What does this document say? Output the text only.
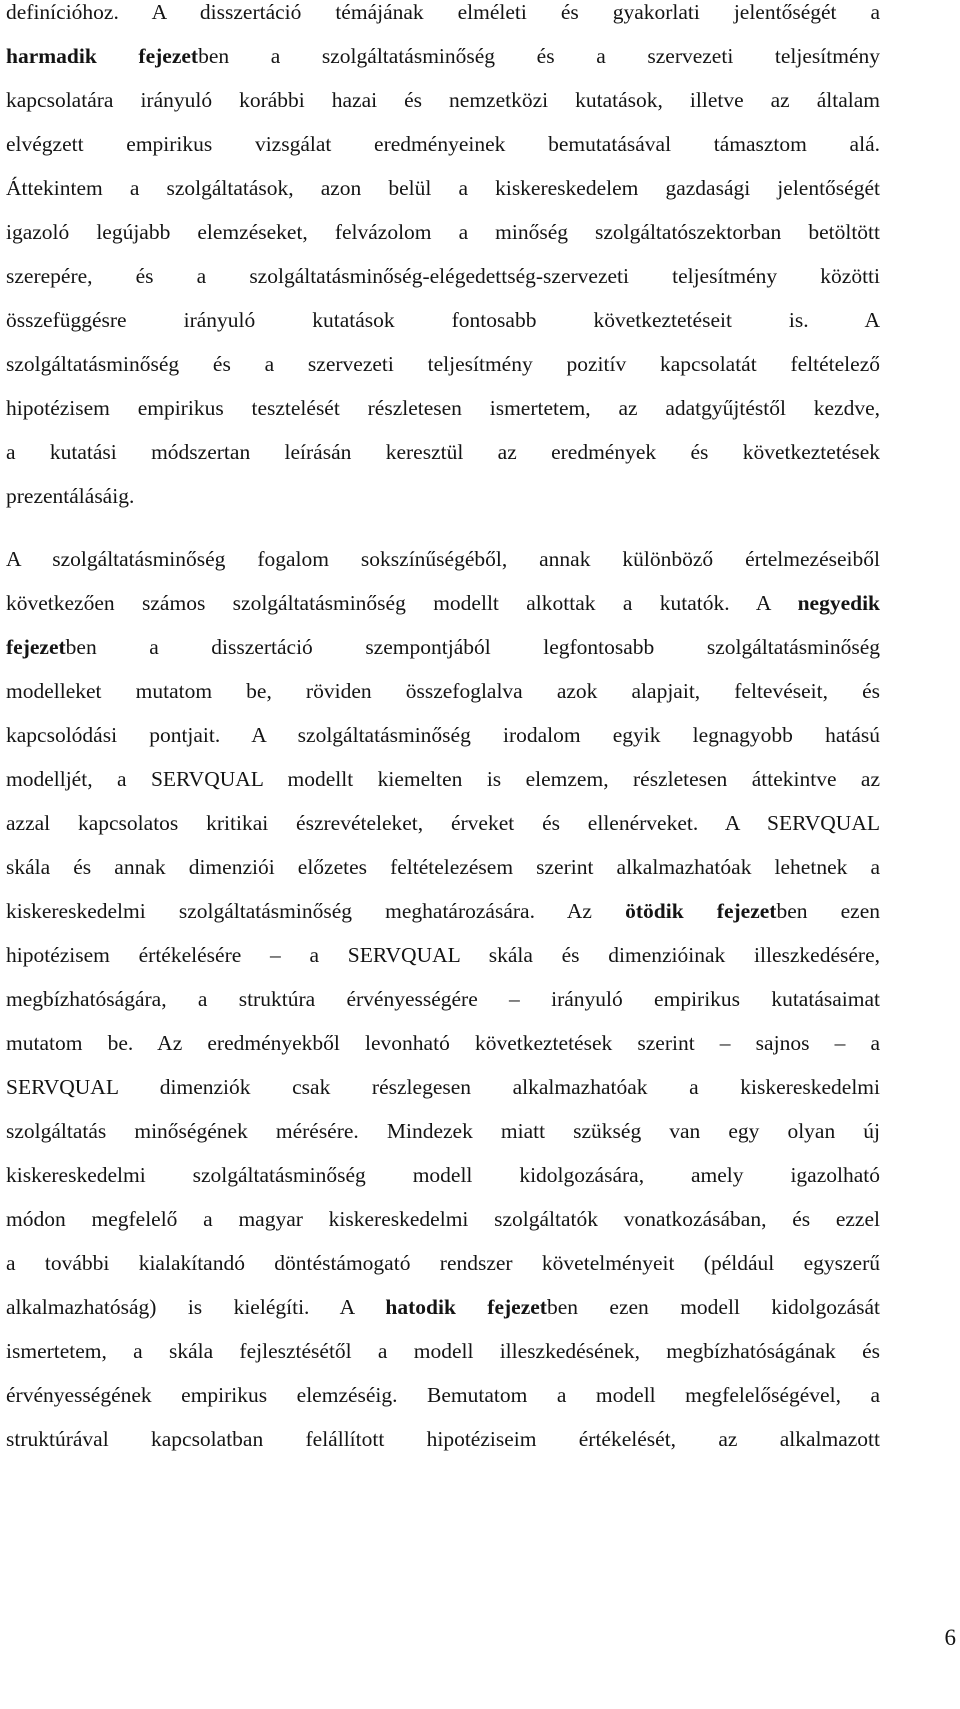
definícióhoz. A disszertáció témájának elméleti és gyakorlati jelentőségét a
harmadik fejezetben a szolgáltatásminőség és a szervezeti teljesítmény
kapcsolatára irányuló korábbi hazai és nemzetközi kutatások, illetve az általam
elvégzett empirikus vizsgálat eredményeinek bemutatásával támasztom alá.
Áttekintem a szolgáltatások, azon belül a kiskereskedelem gazdasági jelentőségét
igazoló legújabb elemzéseket, felvázolom a minőség szolgáltatószektorban betöltött
szerepére, és a szolgáltatásminőség-elégedettség-szervezeti teljesítmény közötti
összefüggésre irányuló kutatások fontosabb következtetéseit is. A
szolgáltatásminőség és a szervezeti teljesítmény pozitív kapcsolatát feltételező
hipotézisem empirikus tesztelését részletesen ismertetem, az adatgyűjtéstől kezdve,
a kutatási módszertan leírásán keresztül az eredmények és következtetések
prezentálásáig.
A szolgáltatásminőség fogalom sokszínűségéből, annak különböző értelmezéseiből
következően számos szolgáltatásminőség modellt alkottak a kutatók. A negyedik
fejezetben a disszertáció szempontjából legfontosabb szolgáltatásminőség
modelleket mutatom be, röviden összefoglalva azok alapjait, feltevéseit, és
kapcsolódási pontjait. A szolgáltatásminőség irodalom egyik legnagyobb hatású
modelljét, a SERVQUAL modellt kiemelten is elemzem, részletesen áttekintve az
azzal kapcsolatos kritikai észrevételeket, érveket és ellenérveket. A SERVQUAL
skála és annak dimenziói előzetes feltételezésem szerint alkalmazhatóak lehetnek a
kiskereskedelmi szolgáltatásminőség meghatározására. Az ötödik fejezetben ezen
hipotézisem értékelésére – a SERVQUAL skála és dimenzióinak illeszkedésére,
megbízhatóságára, a struktúra érvényességére – irányuló empirikus kutatásaimat
mutatom be. Az eredményekből levonható következtetések szerint – sajnos – a
SERVQUAL dimenziók csak részlegesen alkalmazhatóak a kiskereskedelmi
szolgáltatás minőségének mérésére. Mindezek miatt szükség van egy olyan új
kiskereskedelmi szolgáltatásminőség modell kidolgozására, amely igazolható
módon megfelelő a magyar kiskereskedelmi szolgáltatók vonatkozásában, és ezzel
a további kialakítandó döntéstámogató rendszer követelményeit (például egyszerű
alkalmazhatóság) is kielégíti. A hatodik fejezetben ezen modell kidolgozását
ismertetem, a skála fejlesztésétől a modell illeszkedésének, megbízhatóságának és
érvényességének empirikus elemzéséig. Bemutatom a modell megfelelőségével, a
struktúrával kapcsolatban felállított hipotéziseim értékelését, az alkalmazott
6
